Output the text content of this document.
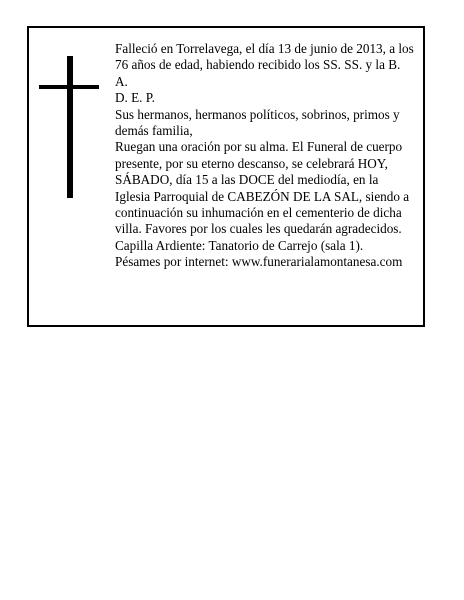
Falleció en Torrelavega, el día 13 de junio de 2013, a los 76 años de edad, habiendo recibido los SS. SS. y la B. A.

D. E. P.

Sus hermanos, hermanos políticos, sobrinos, primos y demás familia,

Ruegan una oración por su alma. El Funeral de cuerpo presente, por su eterno descanso, se celebrará HOY, SÁBADO, día 15 a las DOCE del mediodía, en la Iglesia Parroquial de CABEZÓN DE LA SAL, siendo a continuación su inhumación en el cementerio de dicha villa. Favores por los cuales les quedarán agradecidos.

Capilla Ardiente: Tanatorio de Carrejo (sala 1).

Pésames por internet: www.funerarialamontanesa.com
